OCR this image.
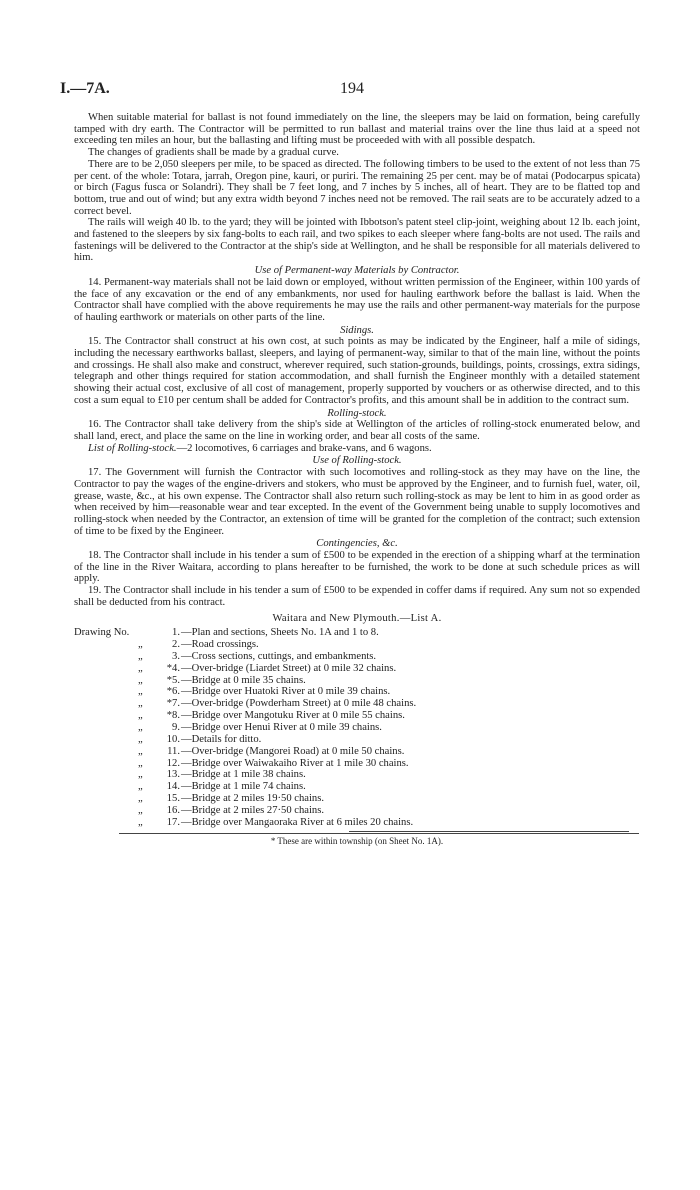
I.—7A.	194

When suitable material for ballast is not found immediately on the line, the sleepers may be laid on formation, being carefully tamped with dry earth. The Contractor will be permitted to run ballast and material trains over the line thus laid at a speed not exceeding ten miles an hour, but the ballasting and lifting must be proceeded with with all possible despatch.

The changes of gradients shall be made by a gradual curve.

There are to be 2,050 sleepers per mile, to be spaced as directed. The following timbers to be used to the extent of not less than 75 per cent. of the whole: Totara, jarrah, Oregon pine, kauri, or puriri. The remaining 25 per cent. may be of matai (Podocarpus spicata) or birch (Fagus fusca or Solandri). They shall be 7 feet long, and 7 inches by 5 inches, all of heart. They are to be flatted top and bottom, true and out of wind; but any extra width beyond 7 inches need not be removed. The rail seats are to be accurately adzed to a correct bevel.

The rails will weigh 40 lb. to the yard; they will be jointed with Ibbotson's patent steel clip-joint, weighing about 12 lb. each joint, and fastened to the sleepers by six fang-bolts to each rail, and two spikes to each sleeper where fang-bolts are not used. The rails and fastenings will be delivered to the Contractor at the ship's side at Wellington, and he shall be responsible for all materials delivered to him.

Use of Permanent-way Materials by Contractor.

14. Permanent-way materials shall not be laid down or employed, without written permission of the Engineer, within 100 yards of the face of any excavation or the end of any embankments, nor used for hauling earthwork before the ballast is laid. When the Contractor shall have complied with the above requirements he may use the rails and other permanent-way materials for the purpose of hauling earthwork or materials on other parts of the line.

Sidings.

15. The Contractor shall construct at his own cost, at such points as may be indicated by the Engineer, half a mile of sidings, including the necessary earthworks ballast, sleepers, and laying of permanent-way, similar to that of the main line, without the points and crossings. He shall also make and construct, wherever required, such station-grounds, buildings, points, crossings, extra sidings, telegraph and other things required for station accommodation, and shall furnish the Engineer monthly with a detailed statement showing their actual cost, exclusive of all cost of management, properly supported by vouchers or as otherwise directed, and to this cost a sum equal to £10 per centum shall be added for Contractor's profits, and this amount shall be in addition to the contract sum.

Rolling-stock.

16. The Contractor shall take delivery from the ship's side at Wellington of the articles of rolling-stock enumerated below, and shall land, erect, and place the same on the line in working order, and bear all costs of the same.

List of Rolling-stock.—2 locomotives, 6 carriages and brake-vans, and 6 wagons.

Use of Rolling-stock.

17. The Government will furnish the Contractor with such locomotives and rolling-stock as they may have on the line, the Contractor to pay the wages of the engine-drivers and stokers, who must be approved by the Engineer, and to furnish fuel, water, oil, grease, waste, &c., at his own expense. The Contractor shall also return such rolling-stock as may be lent to him in as good order as when received by him—reasonable wear and tear excepted. In the event of the Government being unable to supply locomotives and rolling-stock when needed by the Contractor, an extension of time will be granted for the completion of the contract; such extension of time to be fixed by the Engineer.

Contingencies, &c.

18. The Contractor shall include in his tender a sum of £500 to be expended in the erection of a shipping wharf at the termination of the line in the River Waitara, according to plans hereafter to be furnished, the work to be done at such schedule prices as will apply.

19. The Contractor shall include in his tender a sum of £500 to be expended in coffer dams if required. Any sum not so expended shall be deducted from his contract.

Waitara and New Plymouth.—List A.
Drawing No.		1.	—Plan and sections, Sheets No. 1A and 1 to 8.
	„	2.	—Road crossings.
	„	3.	—Cross sections, cuttings, and embankments.
	„	*4.	—Over-bridge (Liardet Street) at 0 mile 32 chains.
	„	*5.	—Bridge at 0 mile 35 chains.
	„	*6.	—Bridge over Huatoki River at 0 mile 39 chains.
	„	*7.	—Over-bridge (Powderham Street) at 0 mile 48 chains.
	„	*8.	—Bridge over Mangotuku River at 0 mile 55 chains.
	„	9.	—Bridge over Henui River at 0 mile 39 chains.
	„	10.	—Details for ditto.
	„	11.	—Over-bridge (Mangorei Road) at 0 mile 50 chains.
	„	12.	—Bridge over Waiwakaiho River at 1 mile 30 chains.
	„	13.	—Bridge at 1 mile 38 chains.
	„	14.	—Bridge at 1 mile 74 chains.
	„	15.	—Bridge at 2 miles 19·50 chains.
	„	16.	—Bridge at 2 miles 27·50 chains.
	„	17.	—Bridge over Mangaoraka River at 6 miles 20 chains.
* These are within township (on Sheet No. 1A).
